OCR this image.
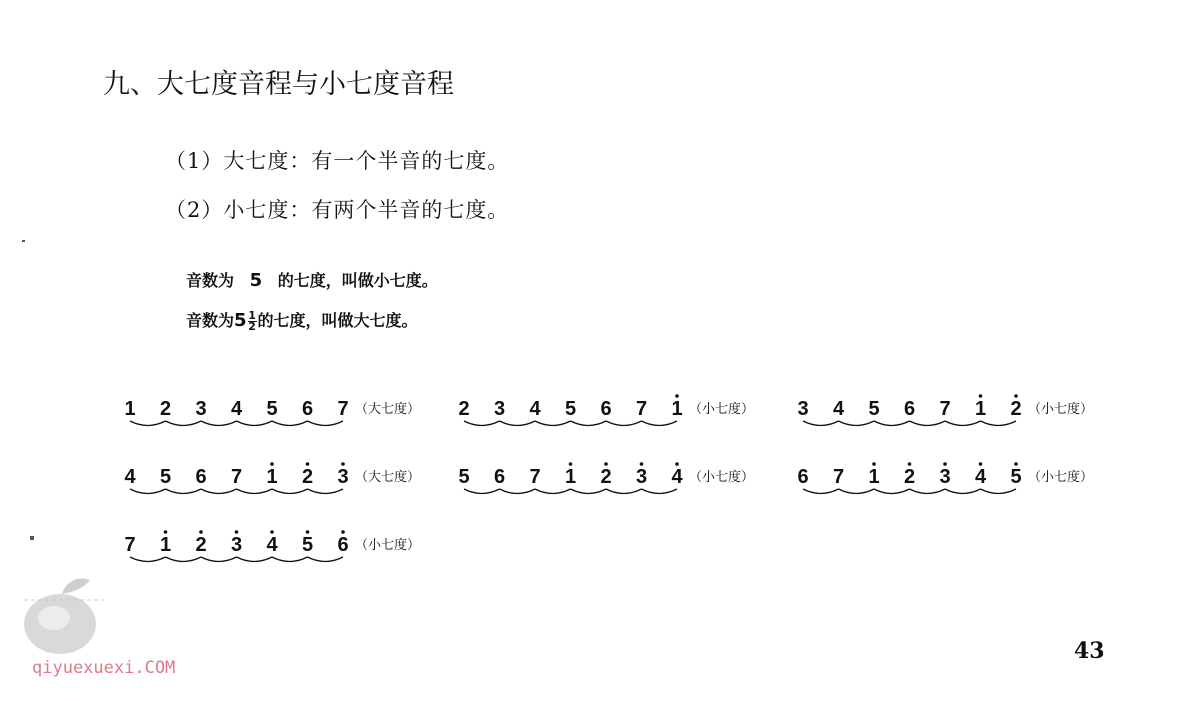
九、大七度音程与小七度音程
（1）大七度：有一个半音的七度。
（2）小七度：有两个半音的七度。
音数为 5 的七度，叫做小七度。
音数为$5\frac{1}{2}$的七度，叫做大七度。
1 2 3 4 5 6 7 （大七度） 2 3 4 5 6 7 1 （小七度） 3 4 5 6 7 1 2 （小七度）
4 5 6 7 1 2 3 （大七度） 5 6 7 1 2 3 4 （小七度） 6 7 1 2 3 4 5 （小七度）
7 1 2 3 4 5 6 （小七度）
43
qiyuexuexi.COM
